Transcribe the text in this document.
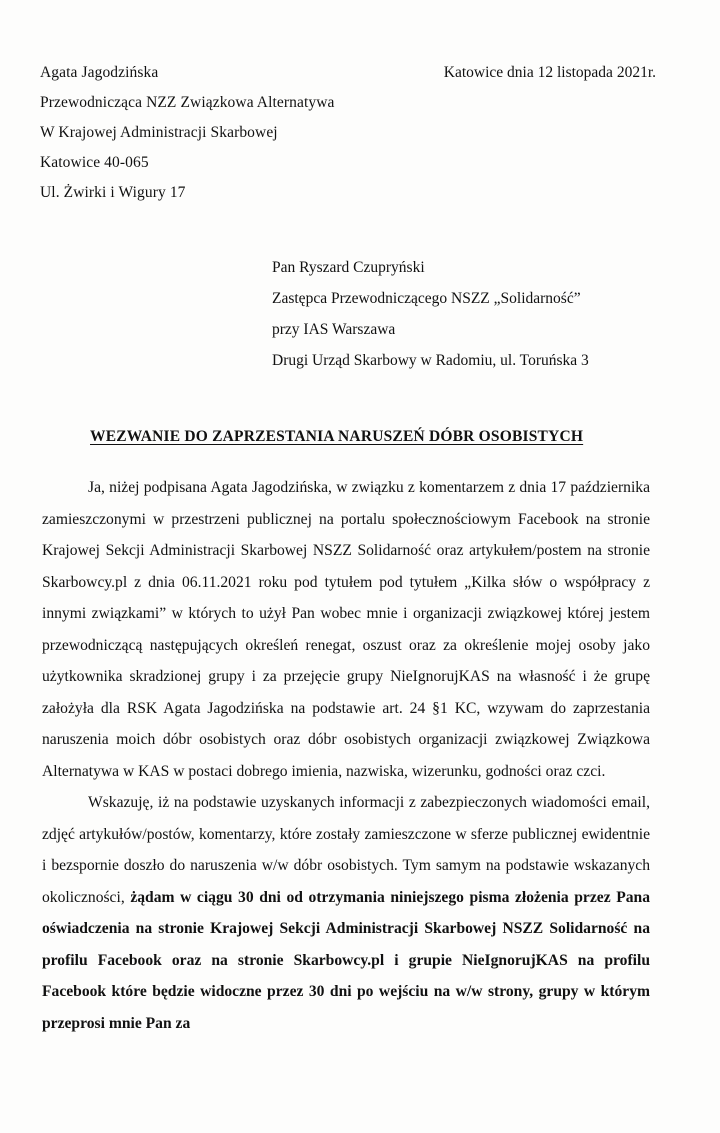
Agata Jagodzińska
Przewodnicząca NZZ Związkowa Alternatywa
W Krajowej Administracji Skarbowej
Katowice 40-065
Ul. Żwirki i Wigury 17
Katowice dnia 12 listopada 2021r.
Pan Ryszard Czupryński
Zastępca Przewodniczącego NSZZ „Solidarność”
przy IAS Warszawa
Drugi Urząd Skarbowy w Radomiu, ul. Toruńska 3
WEZWANIE DO ZAPRZESTANIA NARUSZEŃ DÓBR OSOBISTYCH

Ja, niżej podpisana Agata Jagodzińska, w związku z komentarzem z dnia 17 października zamieszczonymi w przestrzeni publicznej na portalu społecznościowym Facebook na stronie Krajowej Sekcji Administracji Skarbowej NSZZ Solidarność oraz artykułem/postem na stronie Skarbowcy.pl z dnia 06.11.2021 roku pod tytułem pod tytułem „Kilka słów o współpracy z innymi związkami” w których to użył Pan wobec mnie i organizacji związkowej której jestem przewodniczącą następujących określeń renegat, oszust oraz za określenie mojej osoby jako użytkownika skradzionej grupy i za przejęcie grupy NieIgnorujKAS na własność i że grupę założyła dla RSK Agata Jagodzińska na podstawie art. 24 §1 KC, wzywam do zaprzestania naruszenia moich dóbr osobistych oraz dóbr osobistych organizacji związkowej Związkowa Alternatywa w KAS w postaci dobrego imienia, nazwiska, wizerunku, godności oraz czci.

Wskazuję, iż na podstawie uzyskanych informacji z zabezpieczonych wiadomości email, zdjęć artykułów/postów, komentarzy, które zostały zamieszczone w sferze publicznej ewidentnie i bezspornie doszło do naruszenia w/w dóbr osobistych. Tym samym na podstawie wskazanych okoliczności, żądam w ciągu 30 dni od otrzymania niniejszego pisma złożenia przez Pana oświadczenia na stronie Krajowej Sekcji Administracji Skarbowej NSZZ Solidarność na profilu Facebook oraz na stronie Skarbowcy.pl i grupie NieIgnorujKAS na profilu Facebook które będzie widoczne przez 30 dni po wejściu na w/w strony, grupy w którym przeprosi mnie Pan za
